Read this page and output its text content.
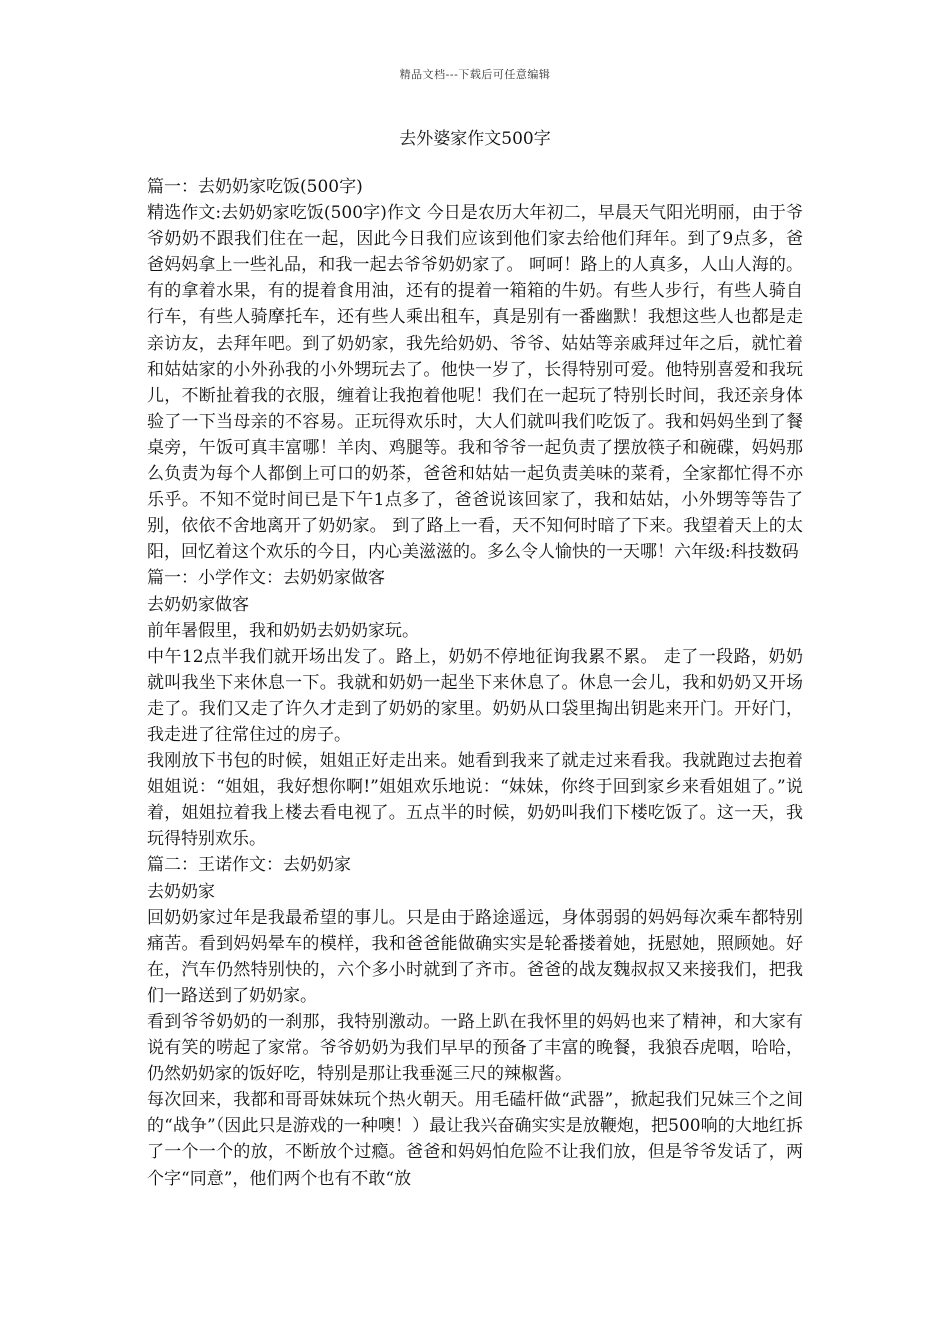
精品文档---下载后可任意编辑
去外婆家作文500字

篇一：去奶奶家吃饭(500字)

精选作文:去奶奶家吃饭(500字)作文 今日是农历大年初二，早晨天气阳光明丽，由于爷爷奶奶不跟我们住在一起，因此今日我们应该到他们家去给他们拜年。到了9点多，爸爸妈妈拿上一些礼品，和我一起去爷爷奶奶家了。 呵呵！路上的人真多，人山人海的。有的拿着水果，有的提着食用油，还有的提着一箱箱的牛奶。有些人步行，有些人骑自行车，有些人骑摩托车，还有些人乘出租车，真是别有一番幽默！我想这些人也都是走亲访友，去拜年吧。到了奶奶家，我先给奶奶、爷爷、姑姑等亲戚拜过年之后，就忙着和姑姑家的小外孙我的小外甥玩去了。他快一岁了，长得特别可爱。他特别喜爱和我玩儿，不断扯着我的衣服，缠着让我抱着他呢！我们在一起玩了特别长时间，我还亲身体验了一下当母亲的不容易。正玩得欢乐时，大人们就叫我们吃饭了。我和妈妈坐到了餐桌旁，午饭可真丰富哪！羊肉、鸡腿等。我和爷爷一起负责了摆放筷子和碗碟，妈妈那么负责为每个人都倒上可口的奶茶，爸爸和姑姑一起负责美味的菜肴，全家都忙得不亦乐乎。不知不觉时间已是下午1点多了，爸爸说该回家了，我和姑姑，小外甥等等告了别，依依不舍地离开了奶奶家。 到了路上一看，天不知何时暗了下来。我望着天上的太阳，回忆着这个欢乐的今日，内心美滋滋的。多么令人愉快的一天哪！六年级:科技数码

篇一：小学作文：去奶奶家做客

去奶奶家做客

前年暑假里，我和奶奶去奶奶家玩。

中午12点半我们就开场出发了。路上，奶奶不停地征询我累不累。 走了一段路，奶奶就叫我坐下来休息一下。我就和奶奶一起坐下来休息了。休息一会儿，我和奶奶又开场走了。我们又走了许久才走到了奶奶的家里。奶奶从口袋里掏出钥匙来开门。开好门，我走进了往常住过的房子。

我刚放下书包的时候，姐姐正好走出来。她看到我来了就走过来看我。我就跑过去抱着姐姐说：“姐姐，我好想你啊!”姐姐欢乐地说：“妹妹，你终于回到家乡来看姐姐了。”说着，姐姐拉着我上楼去看电视了。五点半的时候，奶奶叫我们下楼吃饭了。这一天，我玩得特别欢乐。

篇二：王诺作文：去奶奶家

去奶奶家

回奶奶家过年是我最希望的事儿。只是由于路途遥远，身体弱弱的妈妈每次乘车都特别痛苦。看到妈妈晕车的模样，我和爸爸能做确实实是轮番搂着她，抚慰她，照顾她。好在，汽车仍然特别快的，六个多小时就到了齐市。爸爸的战友魏叔叔又来接我们，把我们一路送到了奶奶家。

看到爷爷奶奶的一刹那，我特别激动。一路上趴在我怀里的妈妈也来了精神，和大家有说有笑的唠起了家常。爷爷奶奶为我们早早的预备了丰富的晚餐，我狼吞虎咽，哈哈，仍然奶奶家的饭好吃，特别是那让我垂涎三尺的辣椒酱。

每次回来，我都和哥哥妹妹玩个热火朝天。用毛磕杆做“武器”，掀起我们兄妹三个之间的“战争”（因此只是游戏的一种噢！）最让我兴奋确实实是放鞭炮，把500响的大地红拆了一个一个的放，不断放个过瘾。爸爸和妈妈怕危险不让我们放，但是爷爷发话了，两个字“同意”，他们两个也有不敢“放
